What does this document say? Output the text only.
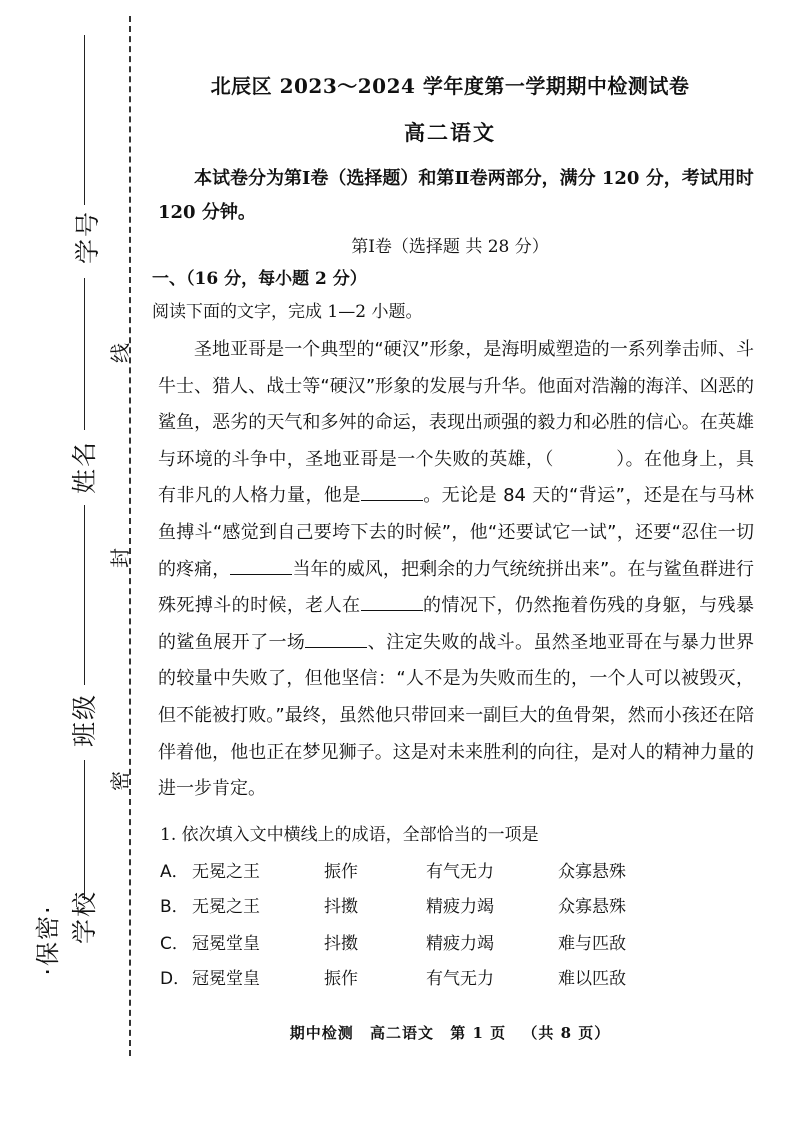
学号
姓名
班级
学校
线
封
密
·保密·
北辰区 2023～2024 学年度第一学期期中检测试卷
高二语文
本试卷分为第Ⅰ卷（选择题）和第Ⅱ卷两部分，满分 120 分，考试用时 120 分钟。
第Ⅰ卷（选择题 共 28 分）
一、（16 分，每小题 2 分）
阅读下面的文字，完成 1—2 小题。

圣地亚哥是一个典型的“硬汉”形象，是海明威塑造的一系列拳击师、斗牛士、猎人、战士等“硬汉”形象的发展与升华。他面对浩瀚的海洋、凶恶的鲨鱼，恶劣的天气和多舛的命运，表现出顽强的毅力和必胜的信心。在英雄与环境的斗争中，圣地亚哥是一个失败的英雄，（	）。在他身上，具有非凡的人格力量，他是	。无论是 84 天的“背运”，还是在与马林鱼搏斗“感觉到自己要垮下去的时候”，他“还要试它一试”，还要“忍住一切的疼痛，	当年的威风，把剩余的力气统统拼出来”。在与鲨鱼群进行殊死搏斗的时候，老人在	的情况下，仍然拖着伤残的身躯，与残暴的鲨鱼展开了一场	、注定失败的战斗。虽然圣地亚哥在与暴力世界的较量中失败了，但他坚信：“人不是为失败而生的，一个人可以被毁灭，但不能被打败。”最终，虽然他只带回来一副巨大的鱼骨架，然而小孩还在陪伴着他，他也正在梦见狮子。这是对未来胜利的向往，是对人的精神力量的进一步肯定。

1. 依次填入文中横线上的成语，全部恰当的一项是
A． 无冕之王	振作	有气无力	众寡悬殊
B． 无冕之王	抖擞	精疲力竭	众寡悬殊
C． 冠冕堂皇	抖擞	精疲力竭	难与匹敌
D． 冠冕堂皇	振作	有气无力	难以匹敌
期中检测 高二语文 第 1 页 （共 8 页）
